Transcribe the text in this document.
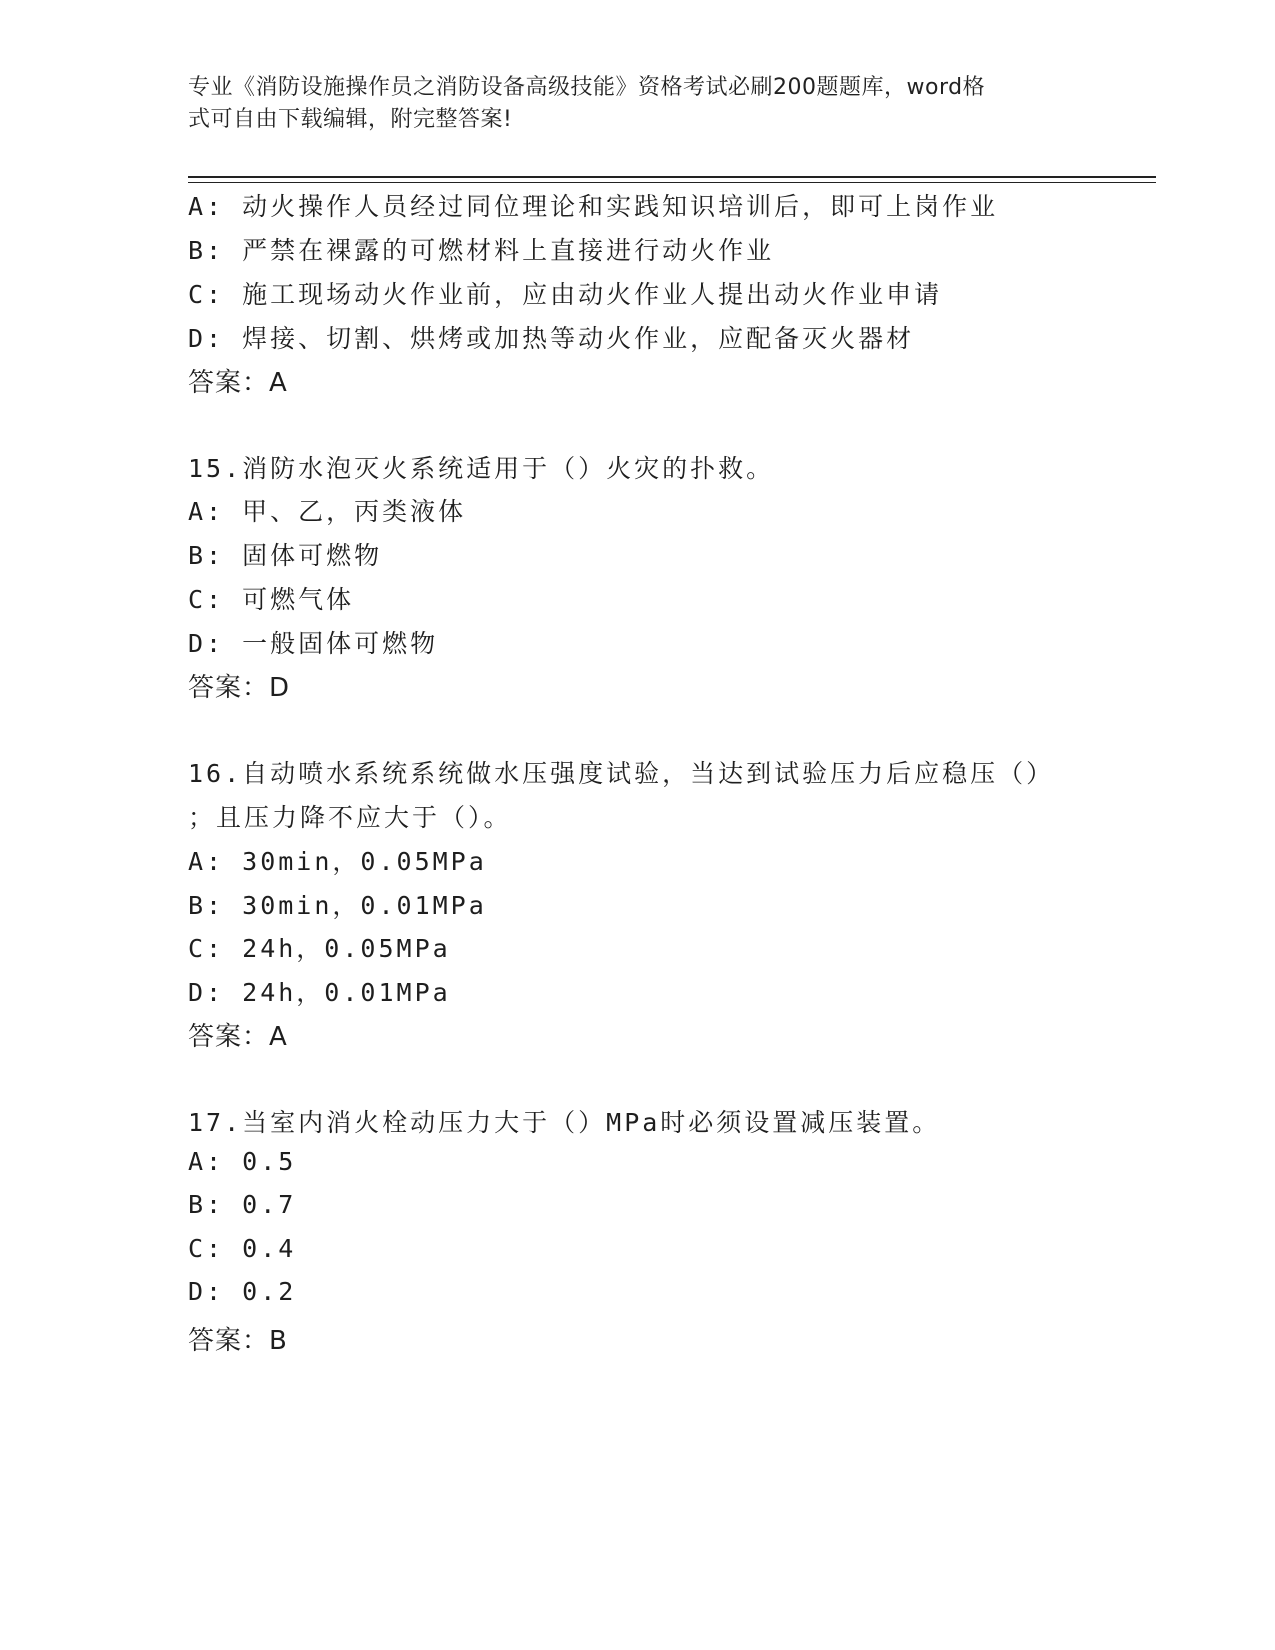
专业《消防设施操作员之消防设备高级技能》资格考试必刷200题题库，word格
式可自由下载编辑，附完整答案!
A: 动火操作人员经过同位理论和实践知识培训后，即可上岗作业
B: 严禁在裸露的可燃材料上直接进行动火作业
C: 施工现场动火作业前，应由动火作业人提出动火作业申请
D: 焊接、切割、烘烤或加热等动火作业，应配备灭火器材
答案：A
15.消防水泡灭火系统适用于（）火灾的扑救。
A: 甲、乙，丙类液体
B: 固体可燃物
C: 可燃气体
D: 一般固体可燃物
答案：D
16.自动喷水系统系统做水压强度试验，当达到试验压力后应稳压（）
；且压力降不应大于（）。
A: 30min，0.05MPa
B: 30min，0.01MPa
C: 24h，0.05MPa
D: 24h，0.01MPa
答案：A
17.当室内消火栓动压力大于（）MPa时必须设置减压装置。
A: 0.5
B: 0.7
C: 0.4
D: 0.2
答案：B
